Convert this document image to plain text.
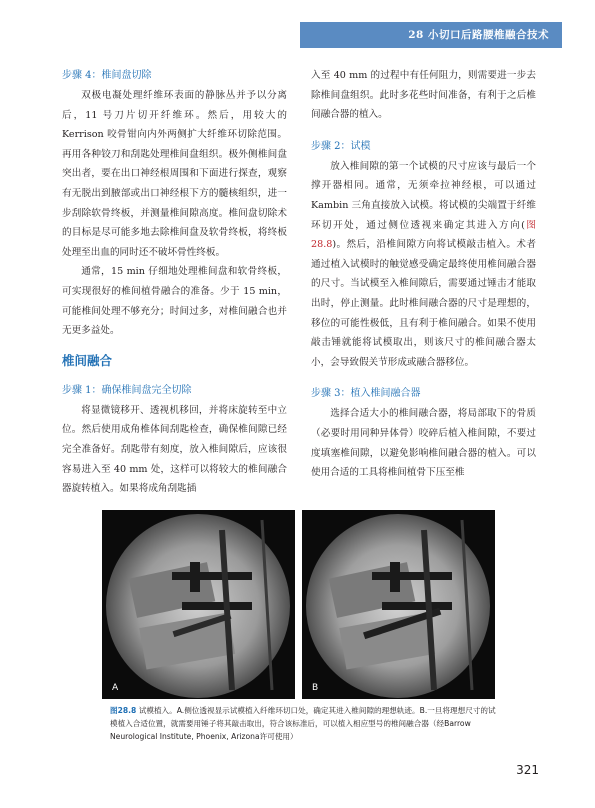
28 小切口后路腰椎融合技术
步骤 4：椎间盘切除

双极电凝处理纤维环表面的静脉丛并予以分离后，11 号刀片切开纤维环。然后，用较大的 Kerrison 咬骨钳向内外两侧扩大纤维环切除范围。再用各种铰刀和刮匙处理椎间盘组织。极外侧椎间盘突出者，要在出口神经根周围和下面进行探查，观察有无脱出到腋部或出口神经根下方的髓核组织，进一步刮除软骨终板，并测量椎间隙高度。椎间盘切除术的目标是尽可能多地去除椎间盘及软骨终板，将终板处理至出血的同时还不破坏骨性终板。

通常，15 min 仔细地处理椎间盘和软骨终板，可实现很好的椎间植骨融合的准备。少于 15 min，可能椎间处理不够充分；时间过多，对椎间融合也并无更多益处。

椎间融合
步骤 1：确保椎间盘完全切除

将显微镜移开、透视机移回，并将床旋转至中立位。然后使用成角椎体间刮匙检查，确保椎间隙已经完全准备好。刮匙带有刻度，放入椎间隙后，应该很容易进入至 40 mm 处，这样可以将较大的椎间融合器旋转植入。如果将成角刮匙插

入至 40 mm 的过程中有任何阻力，则需要进一步去除椎间盘组织。此时多花些时间准备，有利于之后椎间融合器的植入。

步骤 2：试模

放入椎间隙的第一个试模的尺寸应该与最后一个撑开器相同。通常，无须牵拉神经根，可以通过 Kambin 三角直接放入试模。将试模的尖端置于纤维环切开处，通过侧位透视来确定其进入方向(图 28.8)。然后，沿椎间隙方向将试模敲击植入。术者通过植入试模时的触觉感受确定最终使用椎间融合器的尺寸。当试模至入椎间隙后，需要通过锤击才能取出时，停止测量。此时椎间融合器的尺寸是理想的，移位的可能性极低，且有利于椎间融合。如果不使用敲击锤就能将试模取出，则该尺寸的椎间融合器太小，会导致假关节形成或融合器移位。

步骤 3：植入椎间融合器

选择合适大小的椎间融合器，将局部取下的骨质（必要时用同种异体骨）咬碎后植入椎间隙，不要过度填塞椎间隙，以避免影响椎间融合器的植入。可以使用合适的工具将椎间植骨下压至椎

A	B
图28.8 试模植入。A.侧位透视显示试模植入纤维环切口处，确定其进入椎间隙的理想轨迹。B.一旦将理想尺寸的试模植入合适位置，就需要用锤子将其敲击取出，符合该标准后，可以植入相应型号的椎间融合器（经Barrow Neurological Institute, Phoenix, Arizona许可使用）
321
